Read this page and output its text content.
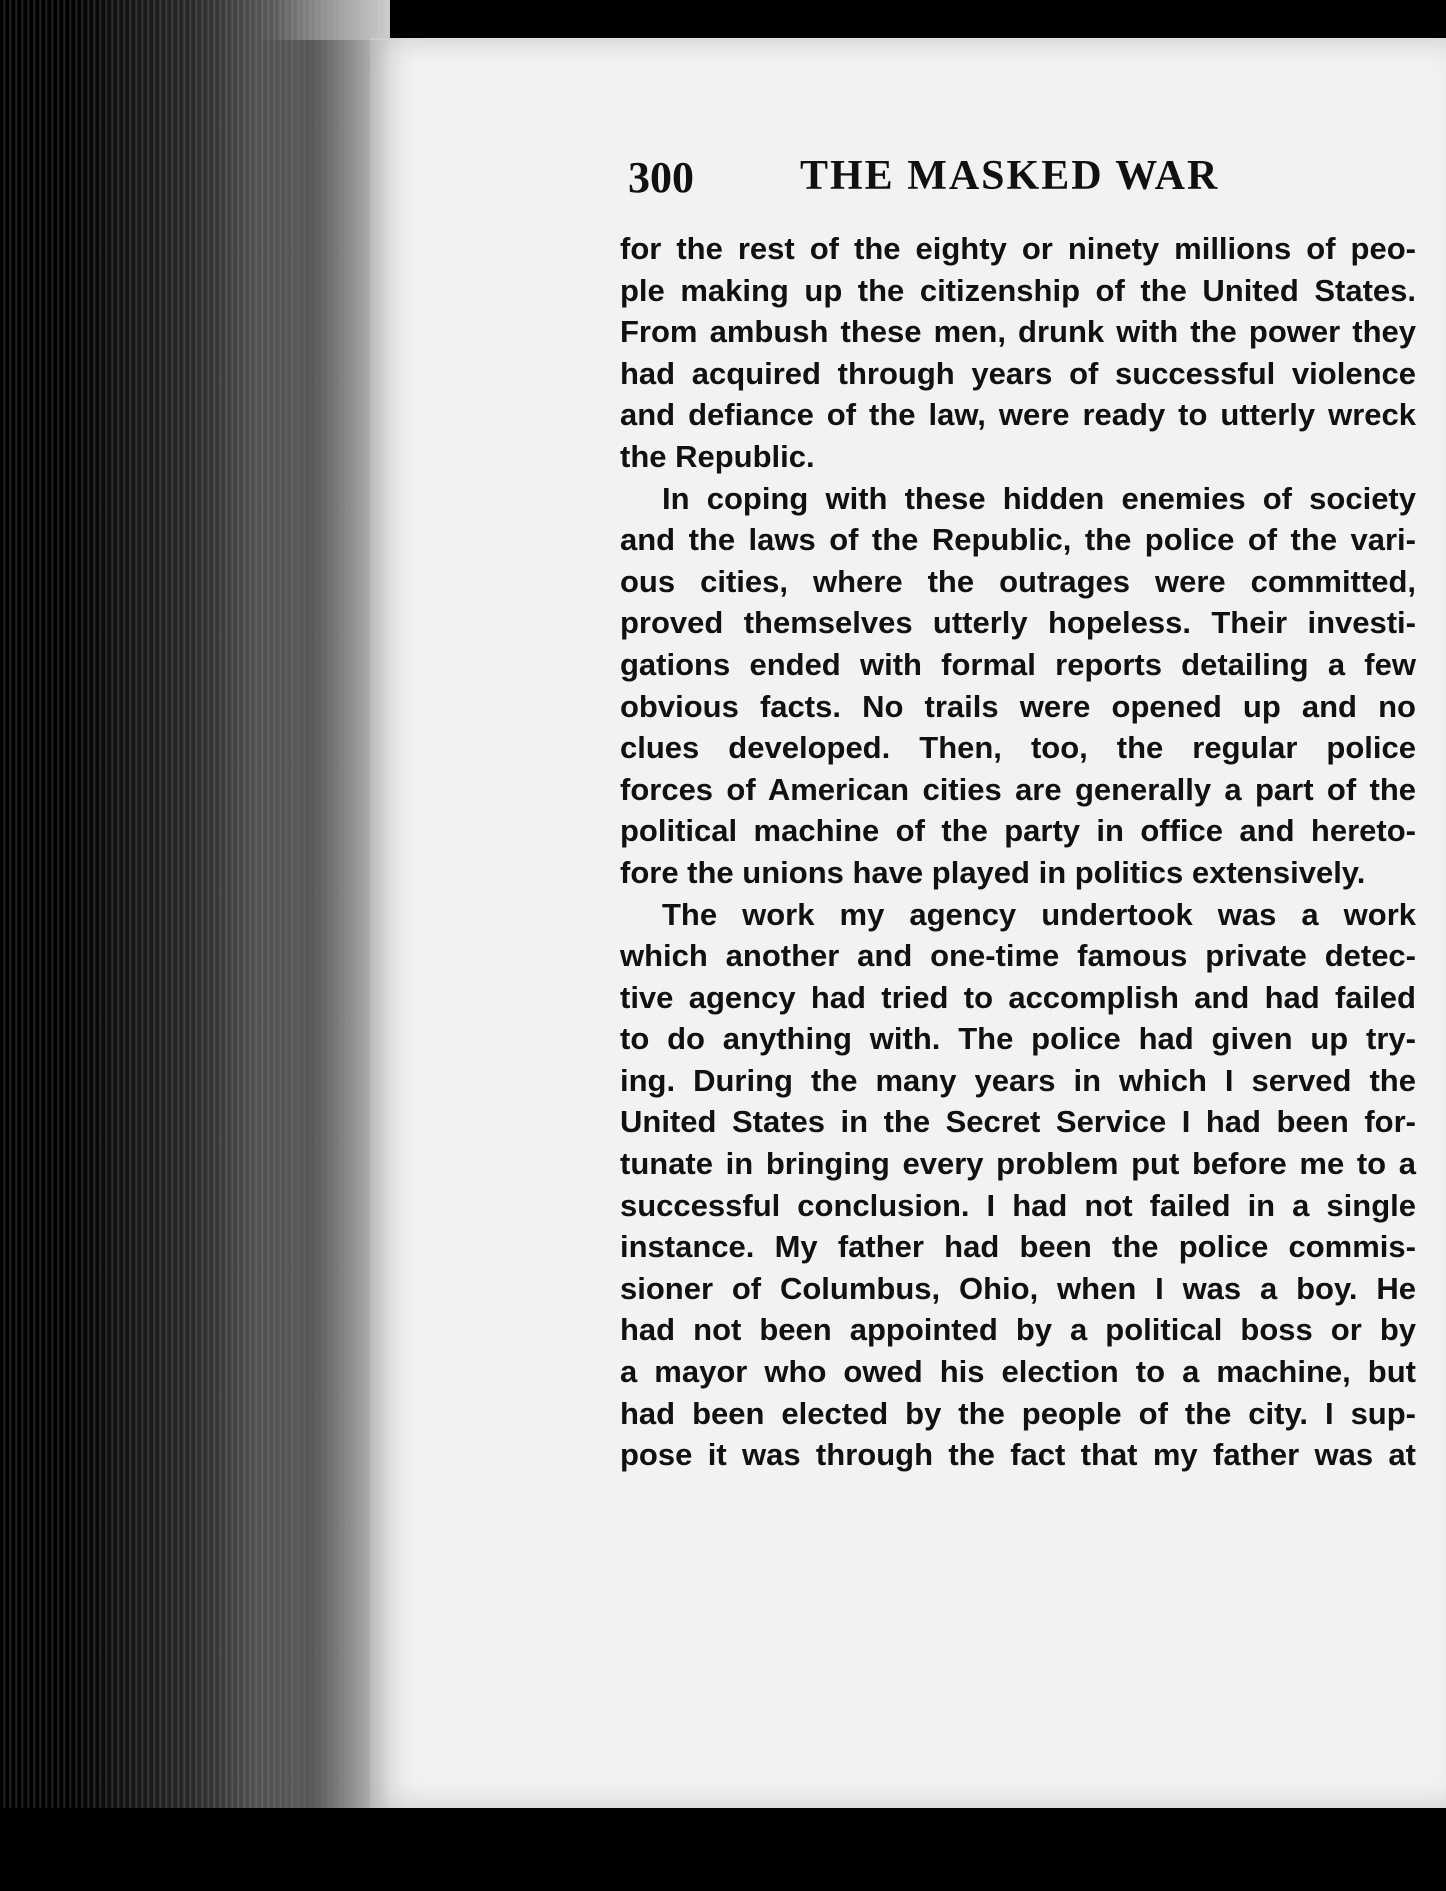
300	THE MASKED WAR
for the rest of the eighty or ninety millions of peo-
ple making up the citizenship of the United States.
From ambush these men, drunk with the power they
had acquired through years of successful violence
and defiance of the law, were ready to utterly wreck
the Republic.
In coping with these hidden enemies of society
and the laws of the Republic, the police of the vari-
ous cities, where the outrages were committed,
proved themselves utterly hopeless. Their investi-
gations ended with formal reports detailing a few
obvious facts. No trails were opened up and no
clues developed. Then, too, the regular police
forces of American cities are generally a part of the
political machine of the party in office and hereto-
fore the unions have played in politics extensively.
The work my agency undertook was a work
which another and one-time famous private detec-
tive agency had tried to accomplish and had failed
to do anything with. The police had given up try-
ing. During the many years in which I served the
United States in the Secret Service I had been for-
tunate in bringing every problem put before me to a
successful conclusion. I had not failed in a single
instance. My father had been the police commis-
sioner of Columbus, Ohio, when I was a boy. He
had not been appointed by a political boss or by
a mayor who owed his election to a machine, but
had been elected by the people of the city. I sup-
pose it was through the fact that my father was at
